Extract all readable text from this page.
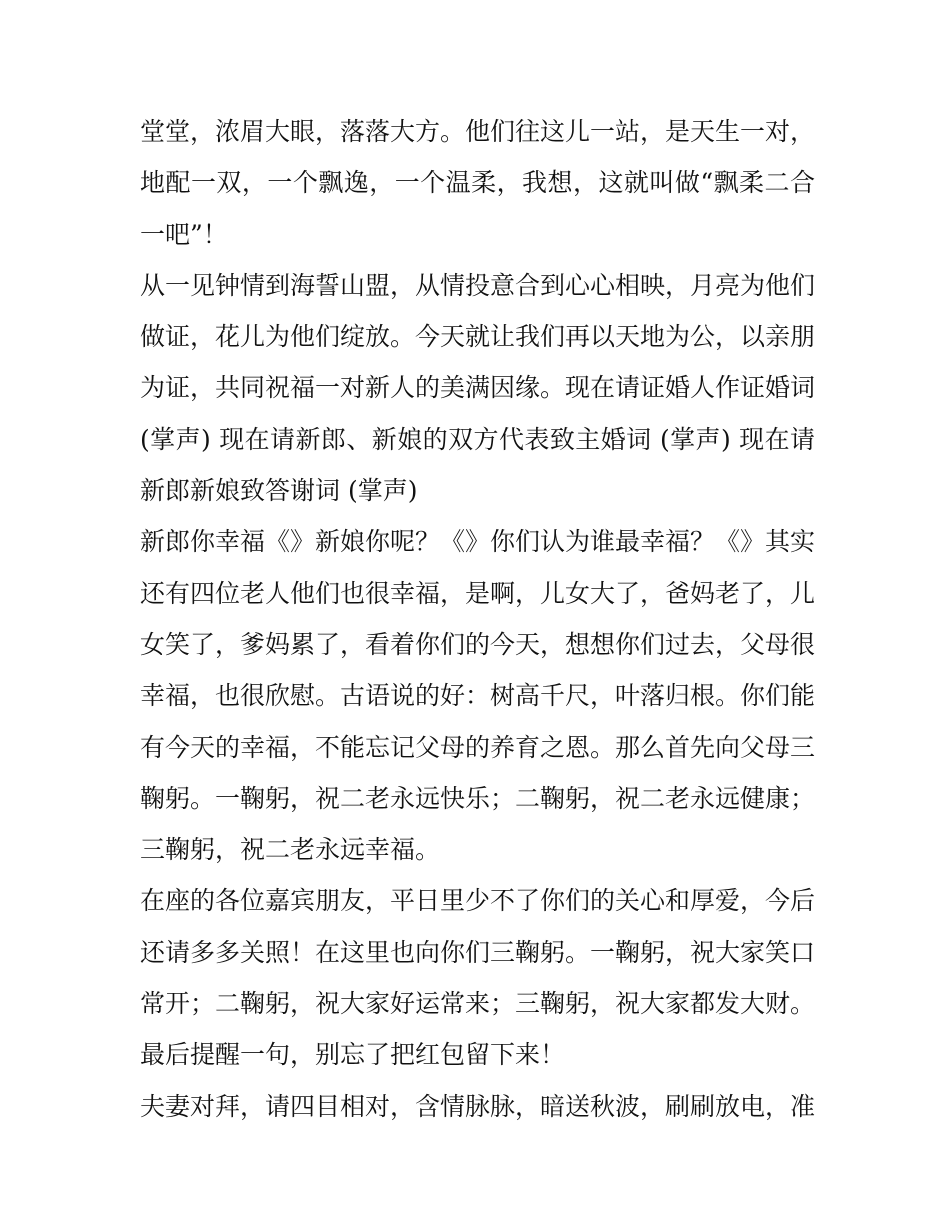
堂堂，浓眉大眼，落落大方。他们往这儿一站，是天生一对，
地配一双，一个飘逸，一个温柔，我想，这就叫做“飘柔二合
一吧”！
从一见钟情到海誓山盟，从情投意合到心心相映，月亮为他们
做证，花儿为他们绽放。今天就让我们再以天地为公，以亲朋
为证，共同祝福一对新人的美满因缘。现在请证婚人作证婚词
(掌声) 现在请新郎、新娘的双方代表致主婚词 (掌声) 现在请
新郎新娘致答谢词 (掌声)
新郎你幸福《》新娘你呢？《》你们认为谁最幸福？《》其实
还有四位老人他们也很幸福，是啊，儿女大了，爸妈老了，儿
女笑了，爹妈累了，看着你们的今天，想想你们过去，父母很
幸福，也很欣慰。古语说的好：树高千尺，叶落归根。你们能
有今天的幸福，不能忘记父母的养育之恩。那么首先向父母三
鞠躬。一鞠躬，祝二老永远快乐；二鞠躬，祝二老永远健康；
三鞠躬，祝二老永远幸福。
在座的各位嘉宾朋友，平日里少不了你们的关心和厚爱，今后
还请多多关照！在这里也向你们三鞠躬。一鞠躬，祝大家笑口
常开；二鞠躬，祝大家好运常来；三鞠躬，祝大家都发大财。
最后提醒一句，别忘了把红包留下来！
夫妻对拜，请四目相对，含情脉脉，暗送秋波，刷刷放电，准
